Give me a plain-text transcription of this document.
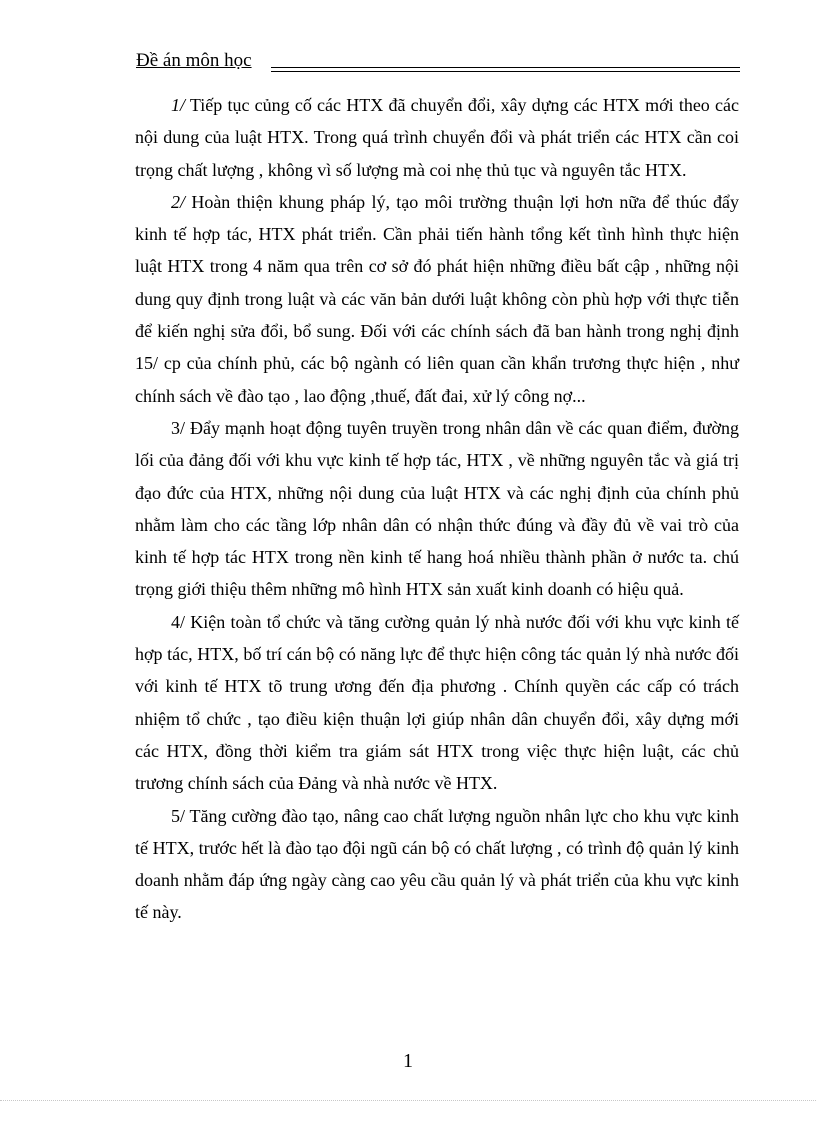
Đề án môn học

1/ Tiếp tục củng cố các HTX đã chuyển đổi, xây dựng các HTX mới theo các nội dung của luật HTX. Trong quá trình chuyển đổi và phát triển các HTX cần coi trọng chất lượng , không vì số lượng mà coi nhẹ thủ tục và nguyên tắc HTX.

2/ Hoàn thiện khung pháp lý, tạo môi trường thuận lợi hơn nữa để thúc đẩy kinh tế hợp tác, HTX phát triển. Cần phải tiến hành tổng kết tình hình thực hiện luật HTX trong 4 năm qua trên cơ sở đó phát hiện những điều bất cập , những nội dung quy định trong luật và các văn bản dưới luật không còn phù hợp với thực tiễn để kiến nghị sửa đổi, bổ sung. Đối với các chính sách đã ban hành trong nghị định 15/ cp của chính phủ, các bộ ngành có liên quan cần khẩn trương thực hiện , như chính sách về đào tạo , lao động ,thuế, đất đai, xử lý công nợ...

3/ Đẩy mạnh hoạt động tuyên truyền trong nhân dân về các quan điểm, đường lối của đảng đối với khu vực kinh tế hợp tác, HTX , về những nguyên tắc và giá trị đạo đức của HTX, những nội dung của luật HTX và các nghị định của chính phủ nhằm làm cho các tầng lớp nhân dân có nhận thức đúng và đầy đủ về vai trò của kinh tế hợp tác HTX trong nền kinh tế hang hoá nhiều thành phần ở nước ta. chú trọng giới thiệu thêm những mô hình HTX sản xuất kinh doanh có hiệu quả.

4/ Kiện toàn tổ chức và tăng cường quản lý nhà nước đối với khu vực kinh tế hợp tác, HTX, bố trí cán bộ có năng lực để thực hiện công tác quản lý nhà nước đối với kinh tế HTX tõ trung ương đến địa phương . Chính quyền các cấp có trách nhiệm tổ chức , tạo điều kiện thuận lợi giúp nhân dân chuyển đổi, xây dựng mới các HTX, đồng thời kiểm tra giám sát HTX trong việc thực hiện luật, các chủ trương chính sách của Đảng và nhà nước về HTX.

5/ Tăng cường đào tạo, nâng cao chất lượng nguồn nhân lực cho khu vực kinh tế HTX, trước hết là đào tạo đội ngũ cán bộ có chất lượng , có trình độ quản lý kinh doanh nhằm đáp ứng ngày càng cao yêu cầu quản lý và phát triển của khu vực kinh tế này.

1
